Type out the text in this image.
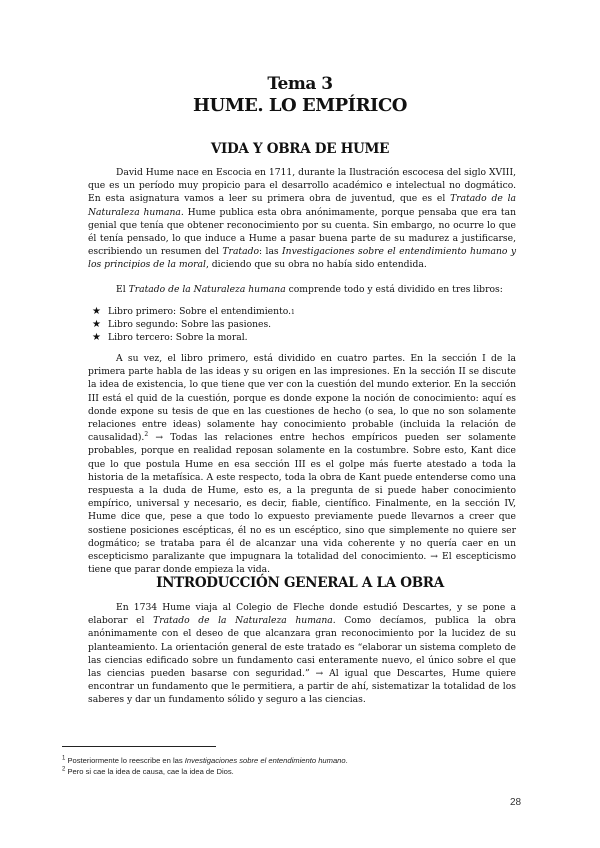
Tema 3
HUME. LO EMPÍRICO
VIDA Y OBRA DE HUME

David Hume nace en Escocia en 1711, durante la Ilustración escocesa del siglo XVIII, que es un período muy propicio para el desarrollo académico e intelectual no dogmático. En esta asignatura vamos a leer su primera obra de juventud, que es el Tratado de la Naturaleza humana. Hume publica esta obra anónimamente, porque pensaba que era tan genial que tenía que obtener reconocimiento por su cuenta. Sin embargo, no ocurre lo que él tenía pensado, lo que induce a Hume a pasar buena parte de su madurez a justificarse, escribiendo un resumen del Tratado: las Investigaciones sobre el entendimiento humano y los principios de la moral, diciendo que su obra no había sido entendida.

El Tratado de la Naturaleza humana comprende todo y está dividido en tres libros:

★ Libro primero: Sobre el entendimiento. 1
★ Libro segundo: Sobre las pasiones.
★ Libro tercero: Sobre la moral.

A su vez, el libro primero, está dividido en cuatro partes. En la sección I de la primera parte habla de las ideas y su origen en las impresiones. En la sección II se discute la idea de existencia, lo que tiene que ver con la cuestión del mundo exterior. En la sección III está el quid de la cuestión, porque es donde expone la noción de conocimiento: aquí es donde expone su tesis de que en las cuestiones de hecho (o sea, lo que no son solamente relaciones entre ideas) solamente hay conocimiento probable (incluida la relación de causalidad).$^2$ → Todas las relaciones entre hechos empíricos pueden ser solamente probables, porque en realidad reposan solamente en la costumbre. Sobre esto, Kant dice que lo que postula Hume en esa sección III es el golpe más fuerte atestado a toda la historia de la metafísica. A este respecto, toda la obra de Kant puede entenderse como una respuesta a la duda de Hume, esto es, a la pregunta de si puede haber conocimiento empírico, universal y necesario, es decir, fiable, científico. Finalmente, en la sección IV, Hume dice que, pese a que todo lo expuesto previamente puede llevarnos a creer que sostiene posiciones escépticas, él no es un escéptico, sino que simplemente no quiere ser dogmático; se trataba para él de alcanzar una vida coherente y no quería caer en un escepticismo paralizante que impugnara la totalidad del conocimiento. → El escepticismo tiene que parar donde empieza la vida.

INTRODUCCIÓN GENERAL A LA OBRA

En 1734 Hume viaja al Colegio de Fleche donde estudió Descartes, y se pone a elaborar el Tratado de la Naturaleza humana. Como decíamos, publica la obra anónimamente con el deseo de que alcanzara gran reconocimiento por la lucidez de su planteamiento. La orientación general de este tratado es “elaborar un sistema completo de las ciencias edificado sobre un fundamento casi enteramente nuevo, el único sobre el que las ciencias pueden basarse con seguridad.” → Al igual que Descartes, Hume quiere encontrar un fundamento que le permitiera, a partir de ahí, sistematizar la totalidad de los saberes y dar un fundamento sólido y seguro a las ciencias.

$^1$ Posteriormente lo reescribe en las Investigaciones sobre el entendimiento humano.
$^2$ Pero si cae la idea de causa, cae la idea de Dios.
28
